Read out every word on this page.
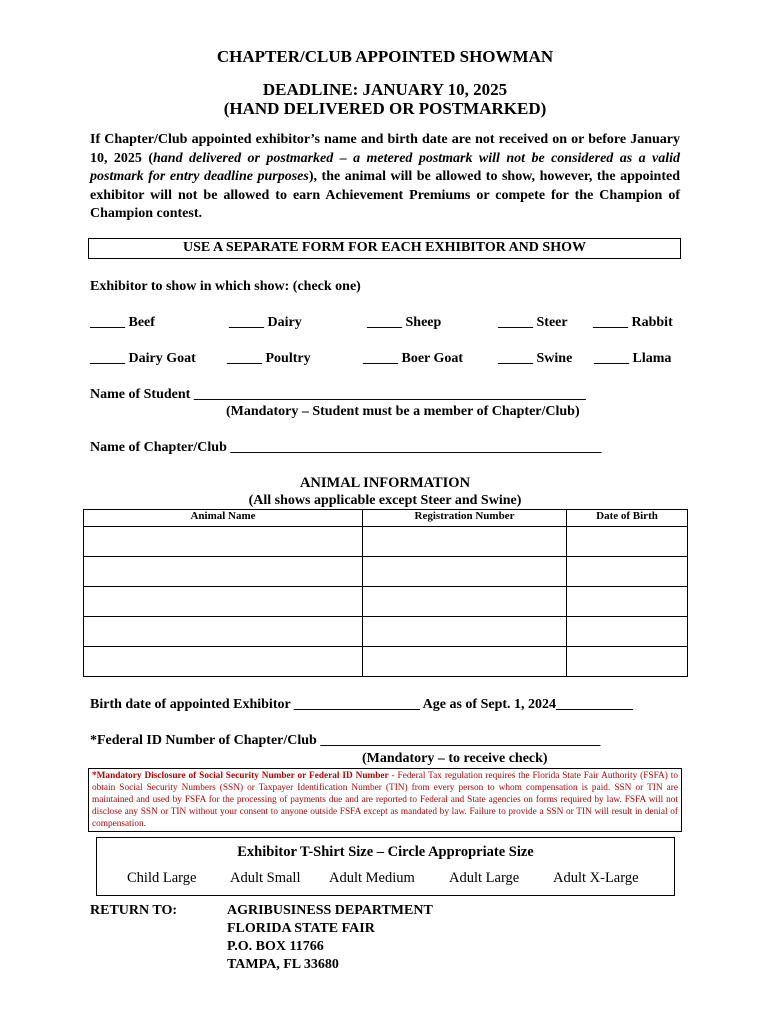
CHAPTER/CLUB APPOINTED SHOWMAN
DEADLINE: JANUARY 10, 2025
(HAND DELIVERED OR POSTMARKED)
If Chapter/Club appointed exhibitor’s name and birth date are not received on or before January 10, 2025 (hand delivered or postmarked – a metered postmark will not be considered as a valid postmark for entry deadline purposes), the animal will be allowed to show, however, the appointed exhibitor will not be allowed to earn Achievement Premiums or compete for the Champion of Champion contest.
USE A SEPARATE FORM FOR EACH EXHIBITOR AND SHOW
Exhibitor to show in which show: (check one)
_____ Beef	_____ Dairy	_____ Sheep	_____ Steer _____ Rabbit
_____ Dairy Goat _____ Poultry	_____ Boer Goat _____ Swine _____ Llama
Name of Student ________________________________________________________
(Mandatory – Student must be a member of Chapter/Club)
Name of Chapter/Club _____________________________________________________
ANIMAL INFORMATION
(All shows applicable except Steer and Swine)
Animal Name	Registration Number	Date of Birth

Birth date of appointed Exhibitor __________________ Age as of Sept. 1, 2024___________
*Federal ID Number of Chapter/Club ________________________________________
(Mandatory – to receive check)
*Mandatory Disclosure of Social Security Number or Federal ID Number - Federal Tax regulation requires the Florida State Fair Authority (FSFA) to obtain Social Security Numbers (SSN) or Taxpayer Identification Number (TIN) from every person to whom compensation is paid. SSN or TIN are maintained and used by FSFA for the processing of payments due and are reported to Federal and State agencies on forms required by law. FSFA will not disclose any SSN or TIN without your consent to anyone outside FSFA except as mandated by law. Failure to provide a SSN or TIN will result in denial of compensation.
Exhibitor T-Shirt Size – Circle Appropriate Size
Child Large Adult Small Adult Medium Adult Large Adult X-Large
RETURN TO:	AGRIBUSINESS DEPARTMENT
FLORIDA STATE FAIR
P.O. BOX 11766
TAMPA, FL 33680
